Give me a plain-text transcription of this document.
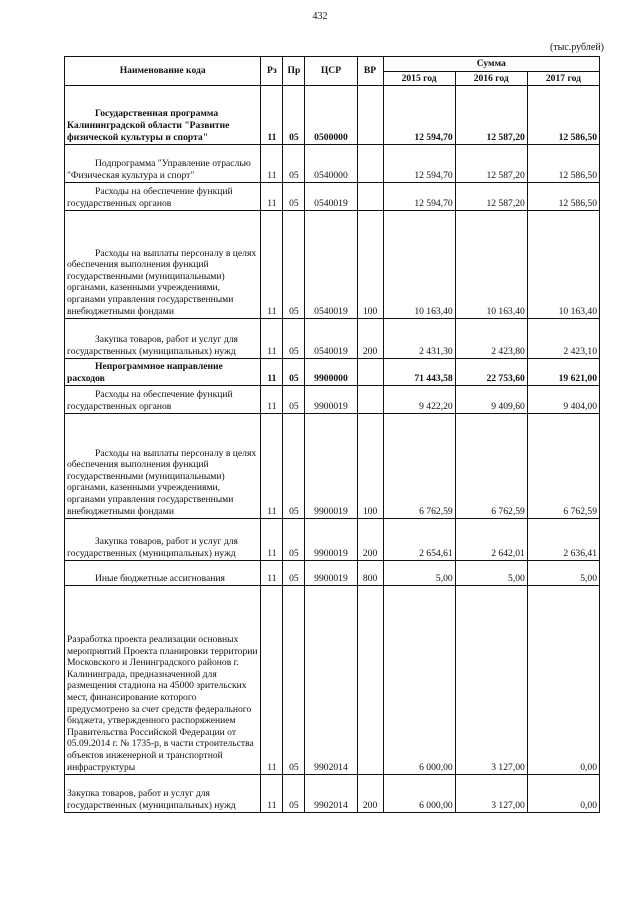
432
(тыс.рублей)
Наименование кода	Рз	Пр	ЦСР	ВР	Сумма		
					2015 год	2016 год	2017 год
Государственная программа Калининградской области "Развитие физической культуры и спорта"	11	05	0500000		12 594,70	12 587,20	12 586,50
Подпрограмма "Управление отраслью "Физическая культура и спорт"	11	05	0540000		12 594,70	12 587,20	12 586,50
Расходы на обеспечение функций государственных органов	11	05	0540019		12 594,70	12 587,20	12 586,50
Расходы на выплаты персоналу в целях обеспечения выполнения функций государственными (муниципальными) органами, казенными учреждениями, органами управления государственными внебюджетными фондами	11	05	0540019	100	10 163,40	10 163,40	10 163,40
Закупка товаров, работ и услуг для государственных (муниципальных) нужд	11	05	0540019	200	2 431,30	2 423,80	2 423,10
Непрограммное направление расходов	11	05	9900000		71 443,58	22 753,60	19 621,00
Расходы на обеспечение функций государственных органов	11	05	9900019		9 422,20	9 409,60	9 404,00
Расходы на выплаты персоналу в целях обеспечения выполнения функций государственными (муниципальными) органами, казенными учреждениями, органами управления государственными внебюджетными фондами	11	05	9900019	100	6 762,59	6 762,59	6 762,59
Закупка товаров, работ и услуг для государственных (муниципальных) нужд	11	05	9900019	200	2 654,61	2 642,01	2 636,41
Иные бюджетные ассигнования	11	05	9900019	800	5,00	5,00	5,00
Разработка проекта реализации основных мероприятий Проекта планировки территории Московского и Ленинградского районов г. Калининграда, предназначенной для размещения стадиона на 45000 зрительских мест, финансирование которого предусмотрено за счет средств федерального бюджета, утвержденного распоряжением Правительства Российской Федерации от 05.09.2014 г. № 1735-р, в части строительства объектов инженерной и транспортной инфраструктуры	11	05	9902014		6 000,00	3 127,00	0,00
Закупка товаров, работ и услуг для государственных (муниципальных) нужд	11	05	9902014	200	6 000,00	3 127,00	0,00
